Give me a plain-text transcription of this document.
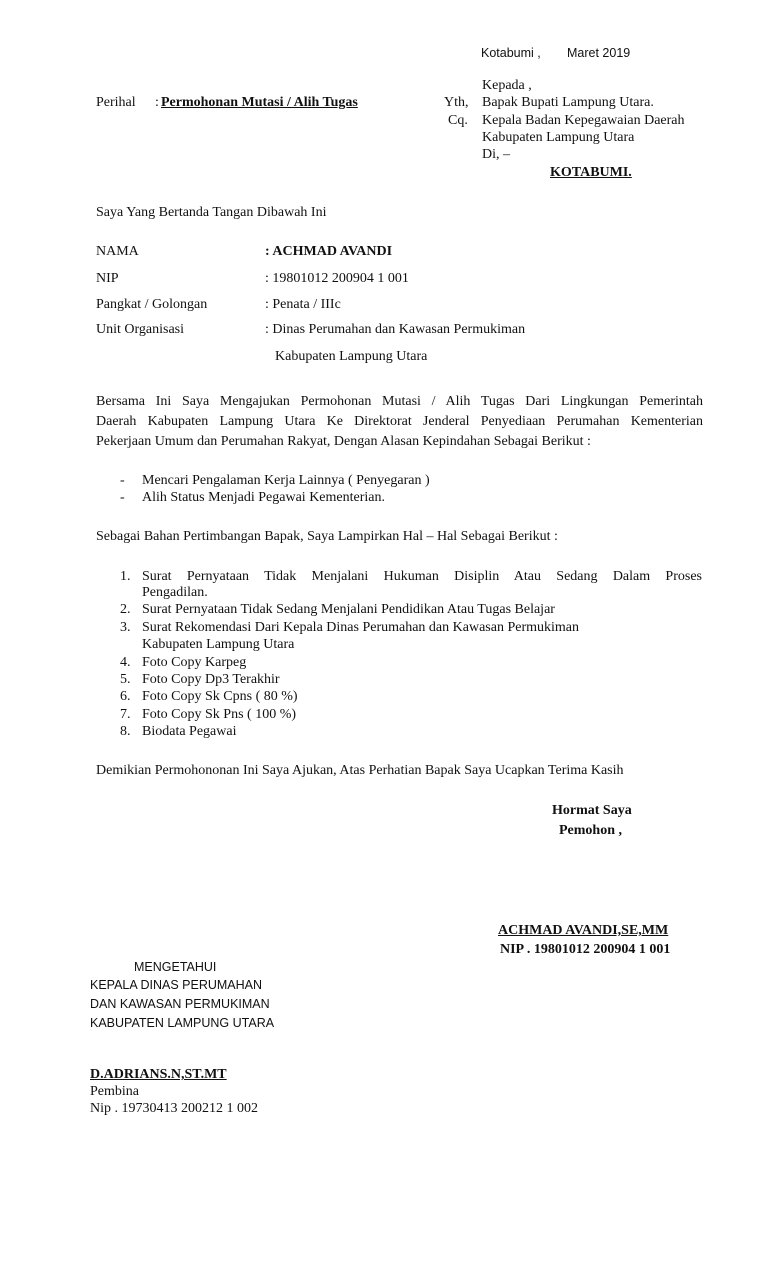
Kotabumi , Maret 2019
Perihal : Permohonan Mutasi / Alih Tugas
Kepada ,
Yth, Bapak Bupati Lampung Utara.
Cq. Kepala Badan Kepegawaian Daerah
Kabupaten Lampung Utara
Di, –
KOTABUMI.
Saya Yang Bertanda Tangan Dibawah Ini
NAMA	: ACHMAD AVANDI
NIP	: 19801012 200904 1 001
Pangkat / Golongan	: Penata / IIIc
Unit Organisasi	: Dinas Perumahan dan Kawasan Permukiman
Kabupaten Lampung Utara
Bersama Ini Saya Mengajukan Permohonan Mutasi / Alih Tugas Dari Lingkungan Pemerintah
Daerah Kabupaten Lampung Utara Ke Direktorat Jenderal Penyediaan Perumahan Kementerian
Pekerjaan Umum dan Perumahan Rakyat, Dengan Alasan Kepindahan Sebagai Berikut :
- Mencari Pengalaman Kerja Lainnya ( Penyegaran )
- Alih Status Menjadi Pegawai Kementerian.
Sebagai Bahan Pertimbangan Bapak, Saya Lampirkan Hal – Hal Sebagai Berikut :
1. Surat Pernyataan Tidak Menjalani Hukuman Disiplin Atau Sedang Dalam Proses
Pengadilan.
2. Surat Pernyataan Tidak Sedang Menjalani Pendidikan Atau Tugas Belajar
3. Surat Rekomendasi Dari Kepala Dinas Perumahan dan Kawasan Permukiman
Kabupaten Lampung Utara
4. Foto Copy Karpeg
5. Foto Copy Dp3 Terakhir
6. Foto Copy Sk Cpns ( 80 %)
7. Foto Copy Sk Pns ( 100 %)
8. Biodata Pegawai
Demikian Permohononan Ini Saya Ajukan, Atas Perhatian Bapak Saya Ucapkan Terima Kasih
Hormat Saya
Pemohon ,
ACHMAD AVANDI,SE,MM
NIP . 19801012 200904 1 001
MENGETAHUI
KEPALA DINAS PERUMAHAN
DAN KAWASAN PERMUKIMAN
KABUPATEN LAMPUNG UTARA
D.ADRIANS.N,ST.MT
Pembina
Nip . 19730413 200212 1 002
